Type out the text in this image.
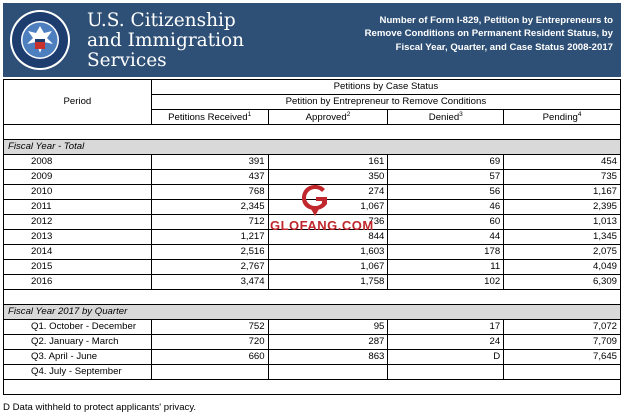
U.S. Citizenship
and Immigration
Services
Number of Form I-829, Petition by Entrepreneurs to Remove Conditions on Permanent Resident Status, by Fiscal Year, Quarter, and Case Status 2008-2017
Period	Petitions by Case Status			
	Petition by Entrepreneur to Remove Conditions			
	Petitions Received$^1$	Approved$^2$	Denied$^3$	Pending$^4$

Fiscal Year - Total				
2008	391	161	69	454
2009	437	350	57	735
2010	768	274	56	1,167
2011	2,345	1,067	46	2,395
2012	712	736	60	1,013
2013	1,217	844	44	1,345
2014	2,516	1,603	178	2,075
2015	2,767	1,067	11	4,049
2016	3,474	1,758	102	6,309

Fiscal Year 2017 by Quarter				
Q1. October - December	752	95	17	7,072
Q2. January - March	720	287	24	7,709
Q3. April - June	660	863	D	7,645
Q4. July - September				

D Data withheld to protect applicants' privacy.
GLOFANG.COM
